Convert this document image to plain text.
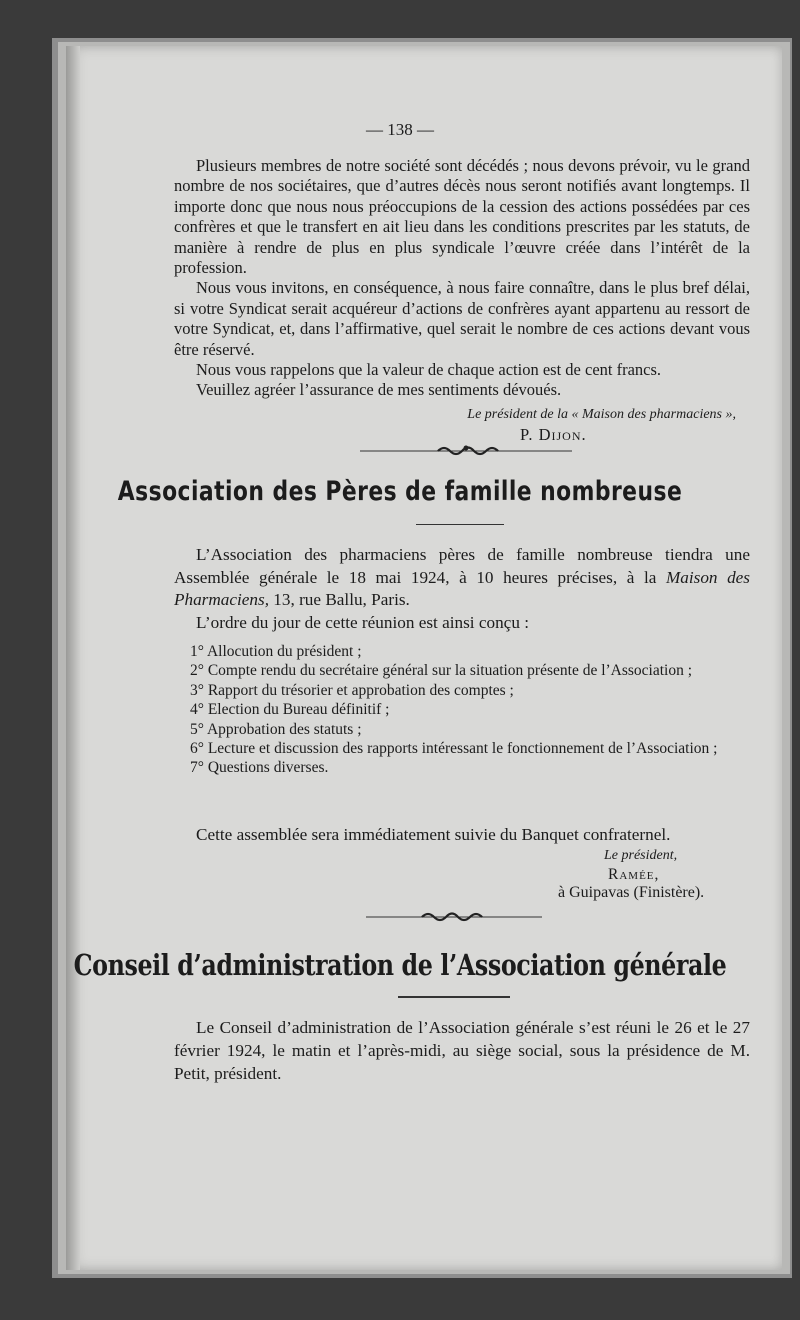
— 138 —

Plusieurs membres de notre société sont décédés ; nous devons prévoir, vu le grand nombre de nos sociétaires, que d’autres décès nous seront notifiés avant longtemps. Il importe donc que nous nous préoccupions de la cession des actions possédées par ces confrères et que le transfert en ait lieu dans les conditions prescrites par les statuts, de manière à rendre de plus en plus syndicale l’œuvre créée dans l’intérêt de la profession.

Nous vous invitons, en conséquence, à nous faire connaître, dans le plus bref délai, si votre Syndicat serait acquéreur d’actions de confrères ayant appartenu au ressort de votre Syndicat, et, dans l’affirmative, quel serait le nombre de ces actions devant vous être réservé.

Nous vous rappelons que la valeur de chaque action est de cent francs.

Veuillez agréer l’assurance de mes sentiments dévoués.

Le président de la « Maison des pharmaciens »,

P. Dijon.

Association des Pères de famille nombreuse

L’Association des pharmaciens pères de famille nombreuse tiendra une Assemblée générale le 18 mai 1924, à 10 heures précises, à la Maison des Pharmaciens, 13, rue Ballu, Paris.

L’ordre du jour de cette réunion est ainsi conçu :

1° Allocution du président ;

2° Compte rendu du secrétaire général sur la situation présente de l’Association ;

3° Rapport du trésorier et approbation des comptes ;

4° Election du Bureau définitif ;

5° Approbation des statuts ;

6° Lecture et discussion des rapports intéressant le fonctionnement de l’Association ;

7° Questions diverses.

Cette assemblée sera immédiatement suivie du Banquet confraternel.

Le président,
Ramée,
à Guipavas (Finistère).
Conseil d’administration de l’Association générale

Le Conseil d’administration de l’Association générale s’est réuni le 26 et le 27 février 1924, le matin et l’après-midi, au siège social, sous la présidence de M. Petit, président.
